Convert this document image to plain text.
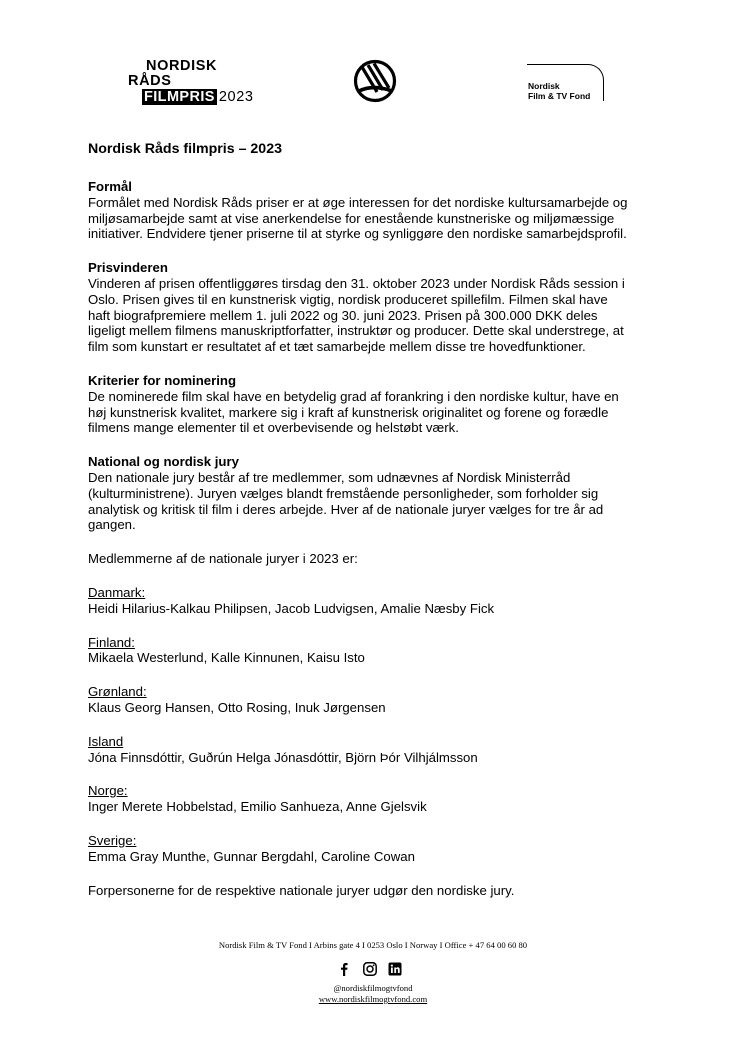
NORDISK
RÅDS
FILMPRIS 2023
Nordisk
Film & TV Fond
Nordisk Råds filmpris – 2023

Formål

Formålet med Nordisk Råds priser er at øge interessen for det nordiske kultursamarbejde og

miljøsamarbejde samt at vise anerkendelse for enestående kunstneriske og miljømæssige

initiativer. Endvidere tjener priserne til at styrke og synliggøre den nordiske samarbejdsprofil.

Prisvinderen

Vinderen af prisen offentliggøres tirsdag den 31. oktober 2023 under Nordisk Råds session i

Oslo. Prisen gives til en kunstnerisk vigtig, nordisk produceret spillefilm. Filmen skal have

haft biografpremiere mellem 1. juli 2022 og 30. juni 2023. Prisen på 300.000 DKK deles

ligeligt mellem filmens manuskriptforfatter, instruktør og producer. Dette skal understrege, at

film som kunstart er resultatet af et tæt samarbejde mellem disse tre hovedfunktioner.

Kriterier for nominering

De nominerede film skal have en betydelig grad af forankring i den nordiske kultur, have en

høj kunstnerisk kvalitet, markere sig i kraft af kunstnerisk originalitet og forene og forædle

filmens mange elementer til et overbevisende og helstøbt værk.

National og nordisk jury

Den nationale jury består af tre medlemmer, som udnævnes af Nordisk Ministerråd

(kulturministrene). Juryen vælges blandt fremstående personligheder, som forholder sig

analytisk og kritisk til film i deres arbejde. Hver af de nationale juryer vælges for tre år ad

gangen.

Medlemmerne af de nationale juryer i 2023 er:

Danmark:

Heidi Hilarius-Kalkau Philipsen, Jacob Ludvigsen, Amalie Næsby Fick

Finland:

Mikaela Westerlund, Kalle Kinnunen, Kaisu Isto

Grønland:

Klaus Georg Hansen, Otto Rosing, Inuk Jørgensen

Island

Jóna Finnsdóttir, Guðrún Helga Jónasdóttir, Björn Þór Vilhjálmsson

Norge:

Inger Merete Hobbelstad, Emilio Sanhueza, Anne Gjelsvik

Sverige:

Emma Gray Munthe, Gunnar Bergdahl, Caroline Cowan

Forpersonerne for de respektive nationale juryer udgør den nordiske jury.

Nordisk Film & TV Fond I Arbins gate 4 I 0253 Oslo I Norway I Office + 47 64 00 60 80
@nordiskfilmogtvfond
www.nordiskfilmogtvfond.com
